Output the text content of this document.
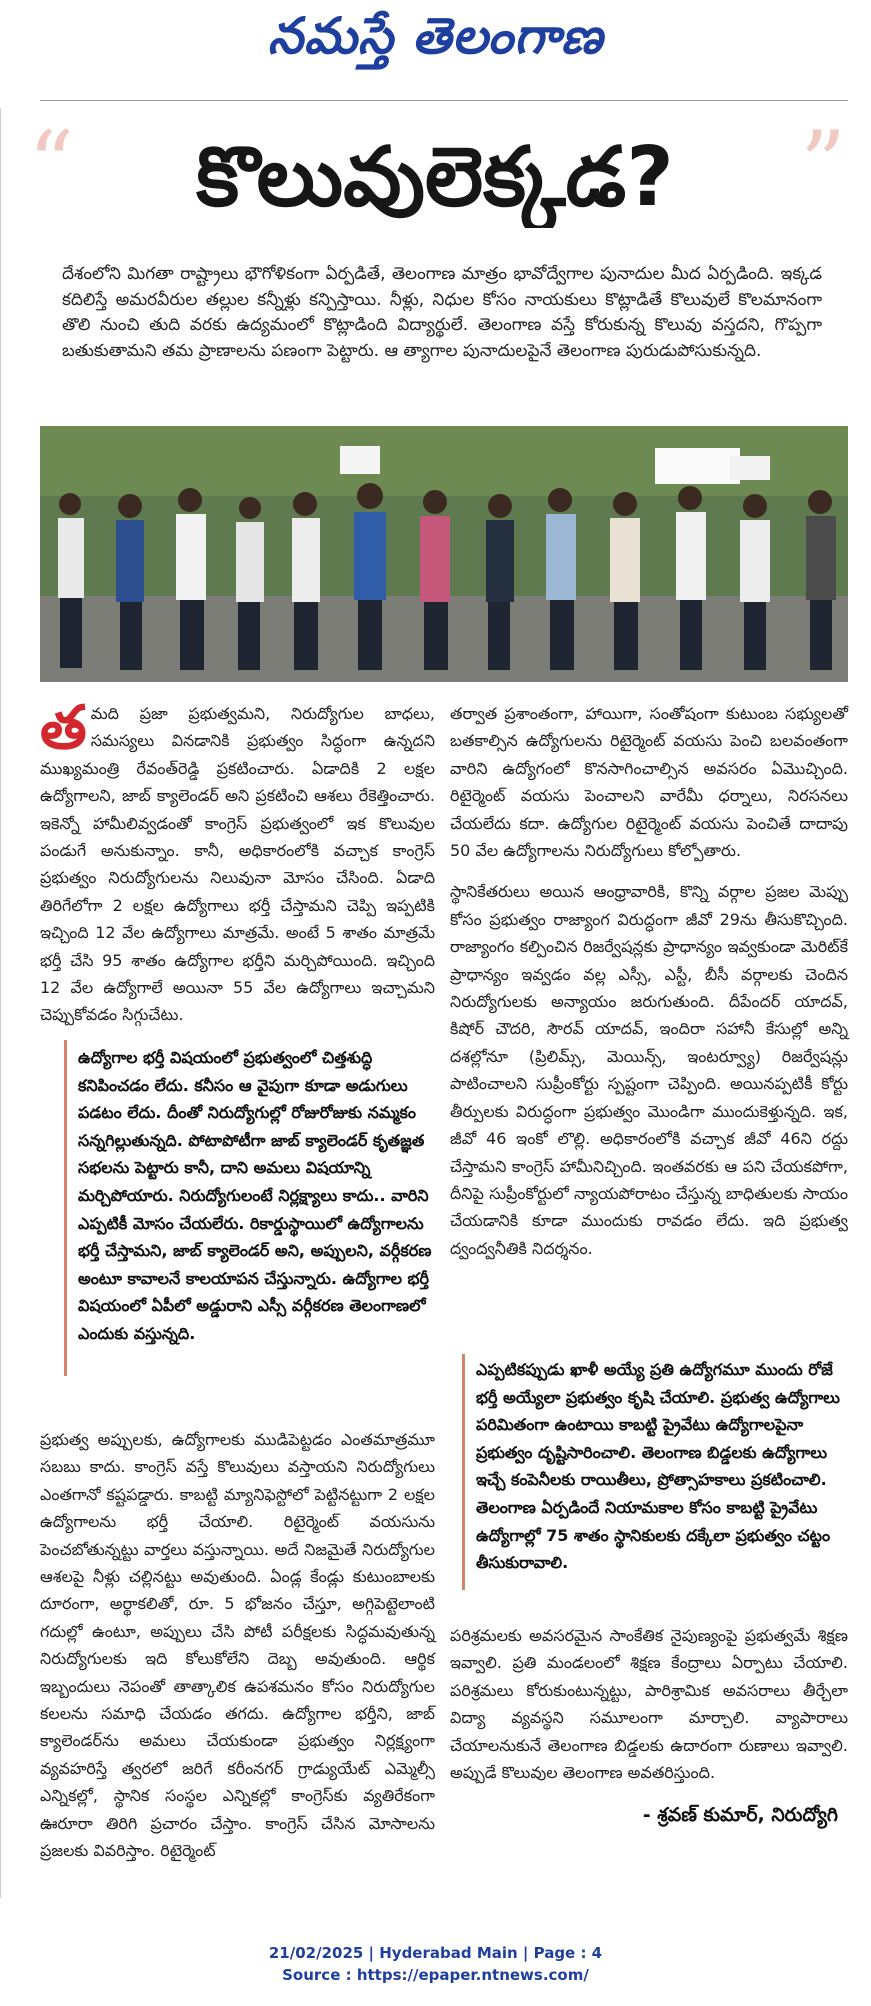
నమస్తే తెలంగాణ
“	”
కొలువులెక్కడ?
దేశంలోని మిగతా రాష్ట్రాలు భౌగోళికంగా ఏర్పడితే, తెలంగాణ మాత్రం భావోద్వేగాల పునాదుల మీద ఏర్పడింది. ఇక్కడ కదిలిస్తే అమరవీరుల తల్లుల కన్నీళ్లు కన్పిస్తాయి. నీళ్లు, నిధుల కోసం నాయకులు కొట్లాడితే కొలువులే కొలమానంగా తొలి నుంచి తుది వరకు ఉద్యమంలో కొట్లాడింది విద్యార్థులే. తెలంగాణ వస్తే కోరుకున్న కొలువు వస్తదని, గొప్పగా బతుకుతామని తమ ప్రాణాలను పణంగా పెట్టారు. ఆ త్యాగాల పునాదులపైనే తెలంగాణ పురుడుపోసుకున్నది.

తమది ప్రజా ప్రభుత్వమని, నిరుద్యోగుల బాధలు, సమస్యలు వినడానికి ప్రభుత్వం సిద్ధంగా ఉన్నదని ముఖ్యమంత్రి రేవంత్‌రెడ్డి ప్రకటించారు. ఏడాదికి 2 లక్షల ఉద్యోగాలని, జాబ్ క్యాలెండర్ అని ప్రకటించి ఆశలు రేకెత్తించారు. ఇకెన్నో హామీలివ్వడంతో కాంగ్రెస్ ప్రభుత్వంలో ఇక కొలువుల పండుగే అనుకున్నాం. కానీ, అధికారంలోకి వచ్చాక కాంగ్రెస్ ప్రభుత్వం నిరుద్యోగులను నిలువునా మోసం చేసింది. ఏడాది తిరిగేలోగా 2 లక్షల ఉద్యోగాలు భర్తీ చేస్తామని చెప్పి ఇప్పటికి ఇచ్చింది 12 వేల ఉద్యోగాలు మాత్రమే. అంటే 5 శాతం మాత్రమే భర్తీ చేసి 95 శాతం ఉద్యోగాల భర్తీని మర్చిపోయింది. ఇచ్చింది 12 వేల ఉద్యోగాలే అయినా 55 వేల ఉద్యోగాలు ఇచ్చామని చెప్పుకోవడం సిగ్గుచేటు.

ఉద్యోగాల భర్తీ విషయంలో ప్రభుత్వంలో చిత్తశుద్ధి కనిపించడం లేదు. కనీసం ఆ వైపుగా కూడా అడుగులు పడటం లేదు. దీంతో నిరుద్యోగుల్లో రోజురోజుకు నమ్మకం సన్నగిల్లుతున్నది. పోటాపోటీగా జాబ్ క్యాలెండర్ కృతజ్ఞత సభలను పెట్టారు కానీ, దాని అమలు విషయాన్ని మర్చిపోయారు. నిరుద్యోగులంటే నిర్లక్ష్యాలు కాదు.. వారిని ఎప్పటికీ మోసం చేయలేరు. రికార్డుస్థాయిలో ఉద్యోగాలను భర్తీ చేస్తామని, జాబ్ క్యాలెండర్ అని, అప్పులని, వర్గీకరణ అంటూ కావాలనే కాలయాపన చేస్తున్నారు. ఉద్యోగాల భర్తీ విషయంలో ఏపీలో అడ్డురాని ఎస్సీ వర్గీకరణ తెలంగాణలో ఎందుకు వస్తున్నది.

ప్రభుత్వ అప్పులకు, ఉద్యోగాలకు ముడిపెట్టడం ఎంతమాత్రమూ సబబు కాదు. కాంగ్రెస్ వస్తే కొలువులు వస్తాయని నిరుద్యోగులు ఎంతగానో కష్టపడ్డారు. కాబట్టి మ్యానిఫెస్టోలో పెట్టినట్టుగా 2 లక్షల ఉద్యోగాలను భర్తీ చేయాలి. రిటైర్మెంట్ వయసును పెంచబోతున్నట్టు వార్తలు వస్తున్నాయి. అదే నిజమైతే నిరుద్యోగుల ఆశలపై నీళ్లు చల్లినట్టు అవుతుంది. ఏండ్ల కేండ్లు కుటుంబాలకు దూరంగా, అర్థాకలితో, రూ. 5 భోజనం చేస్తూ, అగ్గిపెట్టెలాంటి గదుల్లో ఉంటూ, అప్పులు చేసి పోటీ పరీక్షలకు సిద్ధమవుతున్న నిరుద్యోగులకు ఇది కోలుకోలేని దెబ్బ అవుతుంది. ఆర్థిక ఇబ్బందులు నెపంతో తాత్కాలిక ఉపశమనం కోసం నిరుద్యోగుల కలలను సమాధి చేయడం తగదు. ఉద్యోగాల భర్తీని, జాబ్ క్యాలెండర్‌ను అమలు చేయకుండా ప్రభుత్వం నిర్లక్ష్యంగా వ్యవహరిస్తే త్వరలో జరిగే కరీంనగర్ గ్రాడ్యుయేట్ ఎమ్మెల్సీ ఎన్నికల్లో, స్థానిక సంస్థల ఎన్నికల్లో కాంగ్రెస్‌కు వ్యతిరేకంగా ఊరూరా తిరిగి ప్రచారం చేస్తాం. కాంగ్రెస్ చేసిన మోసాలను ప్రజలకు వివరిస్తాం. రిటైర్మెంట్

తర్వాత ప్రశాంతంగా, హాయిగా, సంతోషంగా కుటుంబ సభ్యులతో బతకాల్సిన ఉద్యోగులను రిటైర్మెంట్ వయసు పెంచి బలవంతంగా వారిని ఉద్యోగంలో కొనసాగించాల్సిన అవసరం ఏమొచ్చింది. రిటైర్మెంట్ వయసు పెంచాలని వారేమీ ధర్నాలు, నిరసనలు చేయలేదు కదా. ఉద్యోగుల రిటైర్మెంట్ వయసు పెంచితే దాదాపు 50 వేల ఉద్యోగాలను నిరుద్యోగులు కోల్పోతారు.

స్థానికేతరులు అయిన ఆంధ్రావారికి, కొన్ని వర్గాల ప్రజల మెప్పు కోసం ప్రభుత్వం రాజ్యాంగ విరుద్ధంగా జీవో 29ను తీసుకొచ్చింది. రాజ్యాంగం కల్పించిన రిజర్వేషన్లకు ప్రాధాన్యం ఇవ్వకుండా మెరిట్‌కే ప్రాధాన్యం ఇవ్వడం వల్ల ఎస్సీ, ఎస్టీ, బీసీ వర్గాలకు చెందిన నిరుద్యోగులకు అన్యాయం జరుగుతుంది. దీపేందర్ యాదవ్, కిషోర్ చౌదరి, సౌరవ్ యాదవ్, ఇందిరా సహానీ కేసుల్లో అన్ని దశల్లోనూ (ప్రిలిమ్స్, మెయిన్స్, ఇంటర్వ్యూ) రిజర్వేషన్లు పాటించాలని సుప్రీంకోర్టు స్పష్టంగా చెప్పింది. అయినప్పటికీ కోర్టు తీర్పులకు విరుద్ధంగా ప్రభుత్వం మొండిగా ముందుకెళ్తున్నది. ఇక, జీవో 46 ఇంకో లొల్లి. అధికారంలోకి వచ్చాక జీవో 46ని రద్దు చేస్తామని కాంగ్రెస్ హామీనిచ్చింది. ఇంతవరకు ఆ పని చేయకపోగా, దీనిపై సుప్రీంకోర్టులో న్యాయపోరాటం చేస్తున్న బాధితులకు సాయం చేయడానికి కూడా ముందుకు రావడం లేదు. ఇది ప్రభుత్వ ద్వంద్వనీతికి నిదర్శనం.

ఎప్పటికప్పుడు ఖాళీ అయ్యే ప్రతి ఉద్యోగమూ ముందు రోజే భర్తీ అయ్యేలా ప్రభుత్వం కృషి చేయాలి. ప్రభుత్వ ఉద్యోగాలు పరిమితంగా ఉంటాయి కాబట్టి ప్రైవేటు ఉద్యోగాలపైనా ప్రభుత్వం దృష్టిసారించాలి. తెలంగాణ బిడ్డలకు ఉద్యోగాలు ఇచ్చే కంపెనీలకు రాయితీలు, ప్రోత్సాహకాలు ప్రకటించాలి. తెలంగాణ ఏర్పడిందే నియామకాల కోసం కాబట్టి ప్రైవేటు ఉద్యోగాల్లో 75 శాతం స్థానికులకు దక్కేలా ప్రభుత్వం చట్టం తీసుకురావాలి.

పరిశ్రమలకు అవసరమైన సాంకేతిక నైపుణ్యంపై ప్రభుత్వమే శిక్షణ ఇవ్వాలి. ప్రతి మండలంలో శిక్షణ కేంద్రాలు ఏర్పాటు చేయాలి. పరిశ్రమలు కోరుకుంటున్నట్టు, పారిశ్రామిక అవసరాలు తీర్చేలా విద్యా వ్యవస్థని సమూలంగా మార్చాలి. వ్యాపారాలు చేయాలనుకునే తెలంగాణ బిడ్డలకు ఉదారంగా రుణాలు ఇవ్వాలి. అప్పుడే కొలువుల తెలంగాణ అవతరిస్తుంది.

- శ్రవణ్ కుమార్, నిరుద్యోగి
21/02/2025 | Hyderabad Main | Page : 4
Source : https://epaper.ntnews.com/
